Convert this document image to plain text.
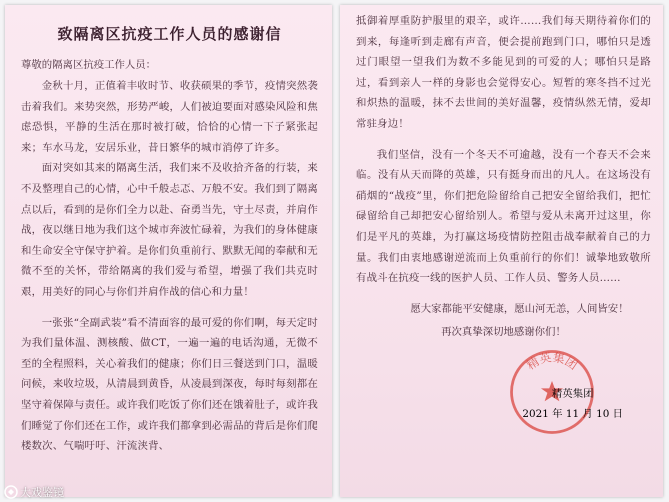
致隔离区抗疫工作人员的感谢信
尊敬的隔离区抗疫工作人员：

金秋十月，正值着丰收时节、收获硕果的季节，疫情突然袭击着我们。来势突然，形势严峻，人们被迫要面对感染风险和焦虑恐惧，平静的生活在那时被打破，恰恰的心情一下子紧张起来；车水马龙，安居乐业，昔日繁华的城市消停了许多。

面对突如其来的隔离生活，我们来不及收拾齐备的行装，来不及整理自己的心情，心中千般忐忑、万般不安。我们到了隔离点以后，看到的是你们全力以赴、奋勇当先，守土尽责，并肩作战，夜以继日地为我们这个城市奔波忙碌着，为我们的身体健康和生命安全守保守护着。是你们负重前行、默默无闻的奉献和无微不至的关怀，带给隔离的我们爱与希望，增强了我们共克时艰，用美好的同心与你们并肩作战的信心和力量！

一张张“全副武装”看不清面容的最可爱的你们啊，每天定时为我们量体温、测核酸、做CT，一遍一遍的电话沟通，无微不至的全程照料，关心着我们的健康；你们日三餐送到门口，温暖问候，来收垃圾，从清晨到黄昏，从凌晨到深夜，每时每刻都在坚守着保障与责任。或许我们吃饭了你们还在饿着肚子，或许我们睡觉了你们还在工作，或许我们都拿到必需品的背后是你们爬楼数次、气喘吁吁、汗流浃背、

抵御着厚重防护服里的艰辛，或许……我们每天期待着你们的到来，每逢听到走廊有声音，便会提前跑到门口，哪怕只是透过门眼望一望我们为数不多能见到的可爱的人；哪怕只是路过，看到亲人一样的身影也会觉得安心。短暂的寒冬挡不过光和炽热的温暖，抹不去世间的美好温馨，疫情纵然无情，爱却常驻身边！

我们坚信，没有一个冬天不可逾越，没有一个春天不会来临。没有从天而降的英雄，只有挺身而出的凡人。在这场没有硝烟的“战疫”里，你们把危险留给自己把安全留给我们，把忙碌留给自己却把安心留给别人。希望与爱从未离开过这里，你们是平凡的英雄，为打赢这场疫情防控阻击战奉献着自己的力量。我们由衷地感谢逆流而上负重前行的你们！诚挚地致敬所有战斗在抗疫一线的医护人员、工作人员、警务人员……

愿大家都能平安健康，愿山河无恙，人间皆安！

再次真挚深切地感谢你们！

精英集团
精英集团
2021 年 11 月 10 日
大戏鉴镜
